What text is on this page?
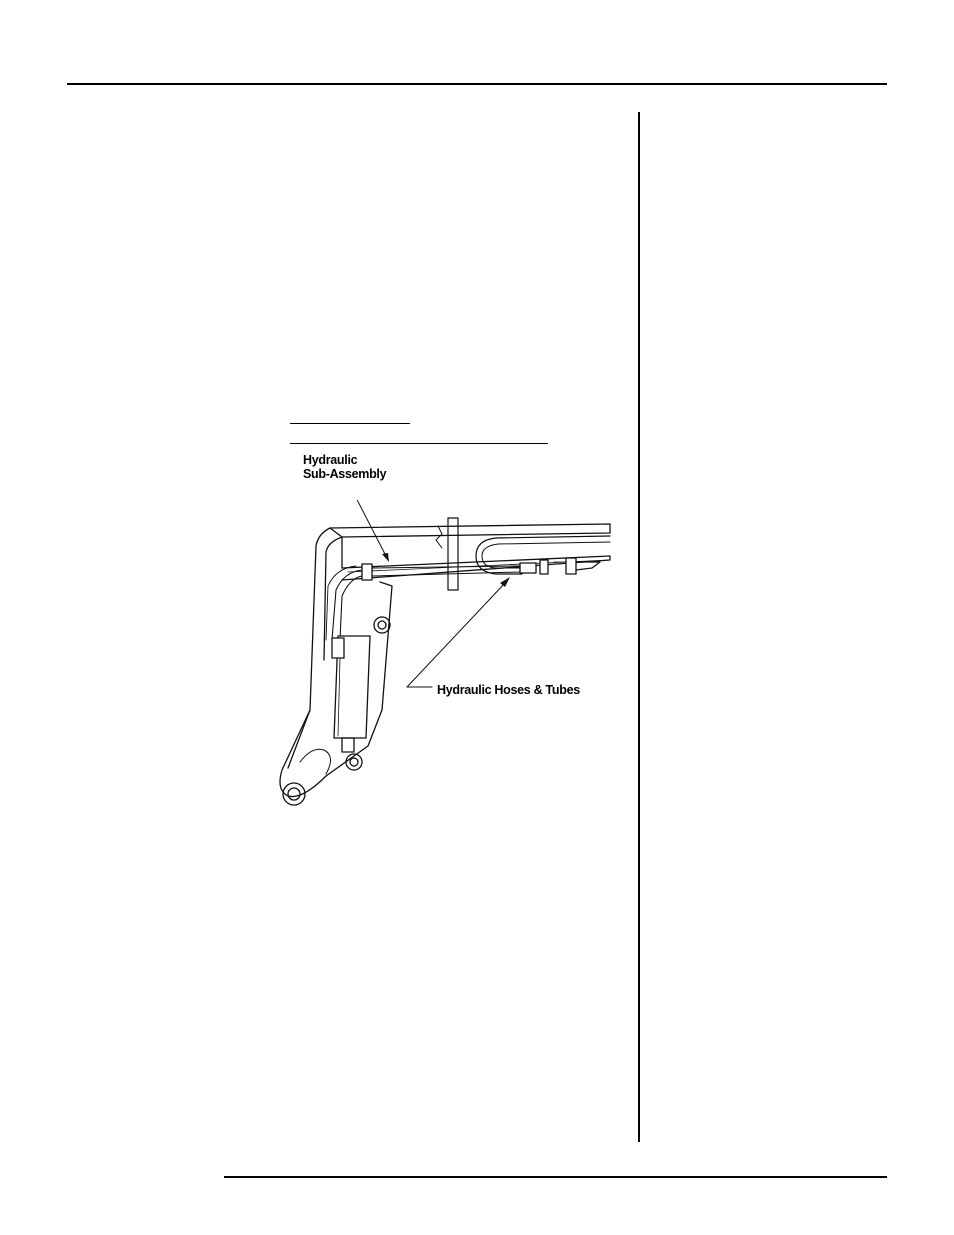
Hydraulic
Sub-Assembly
Hydraulic Hoses & Tubes
